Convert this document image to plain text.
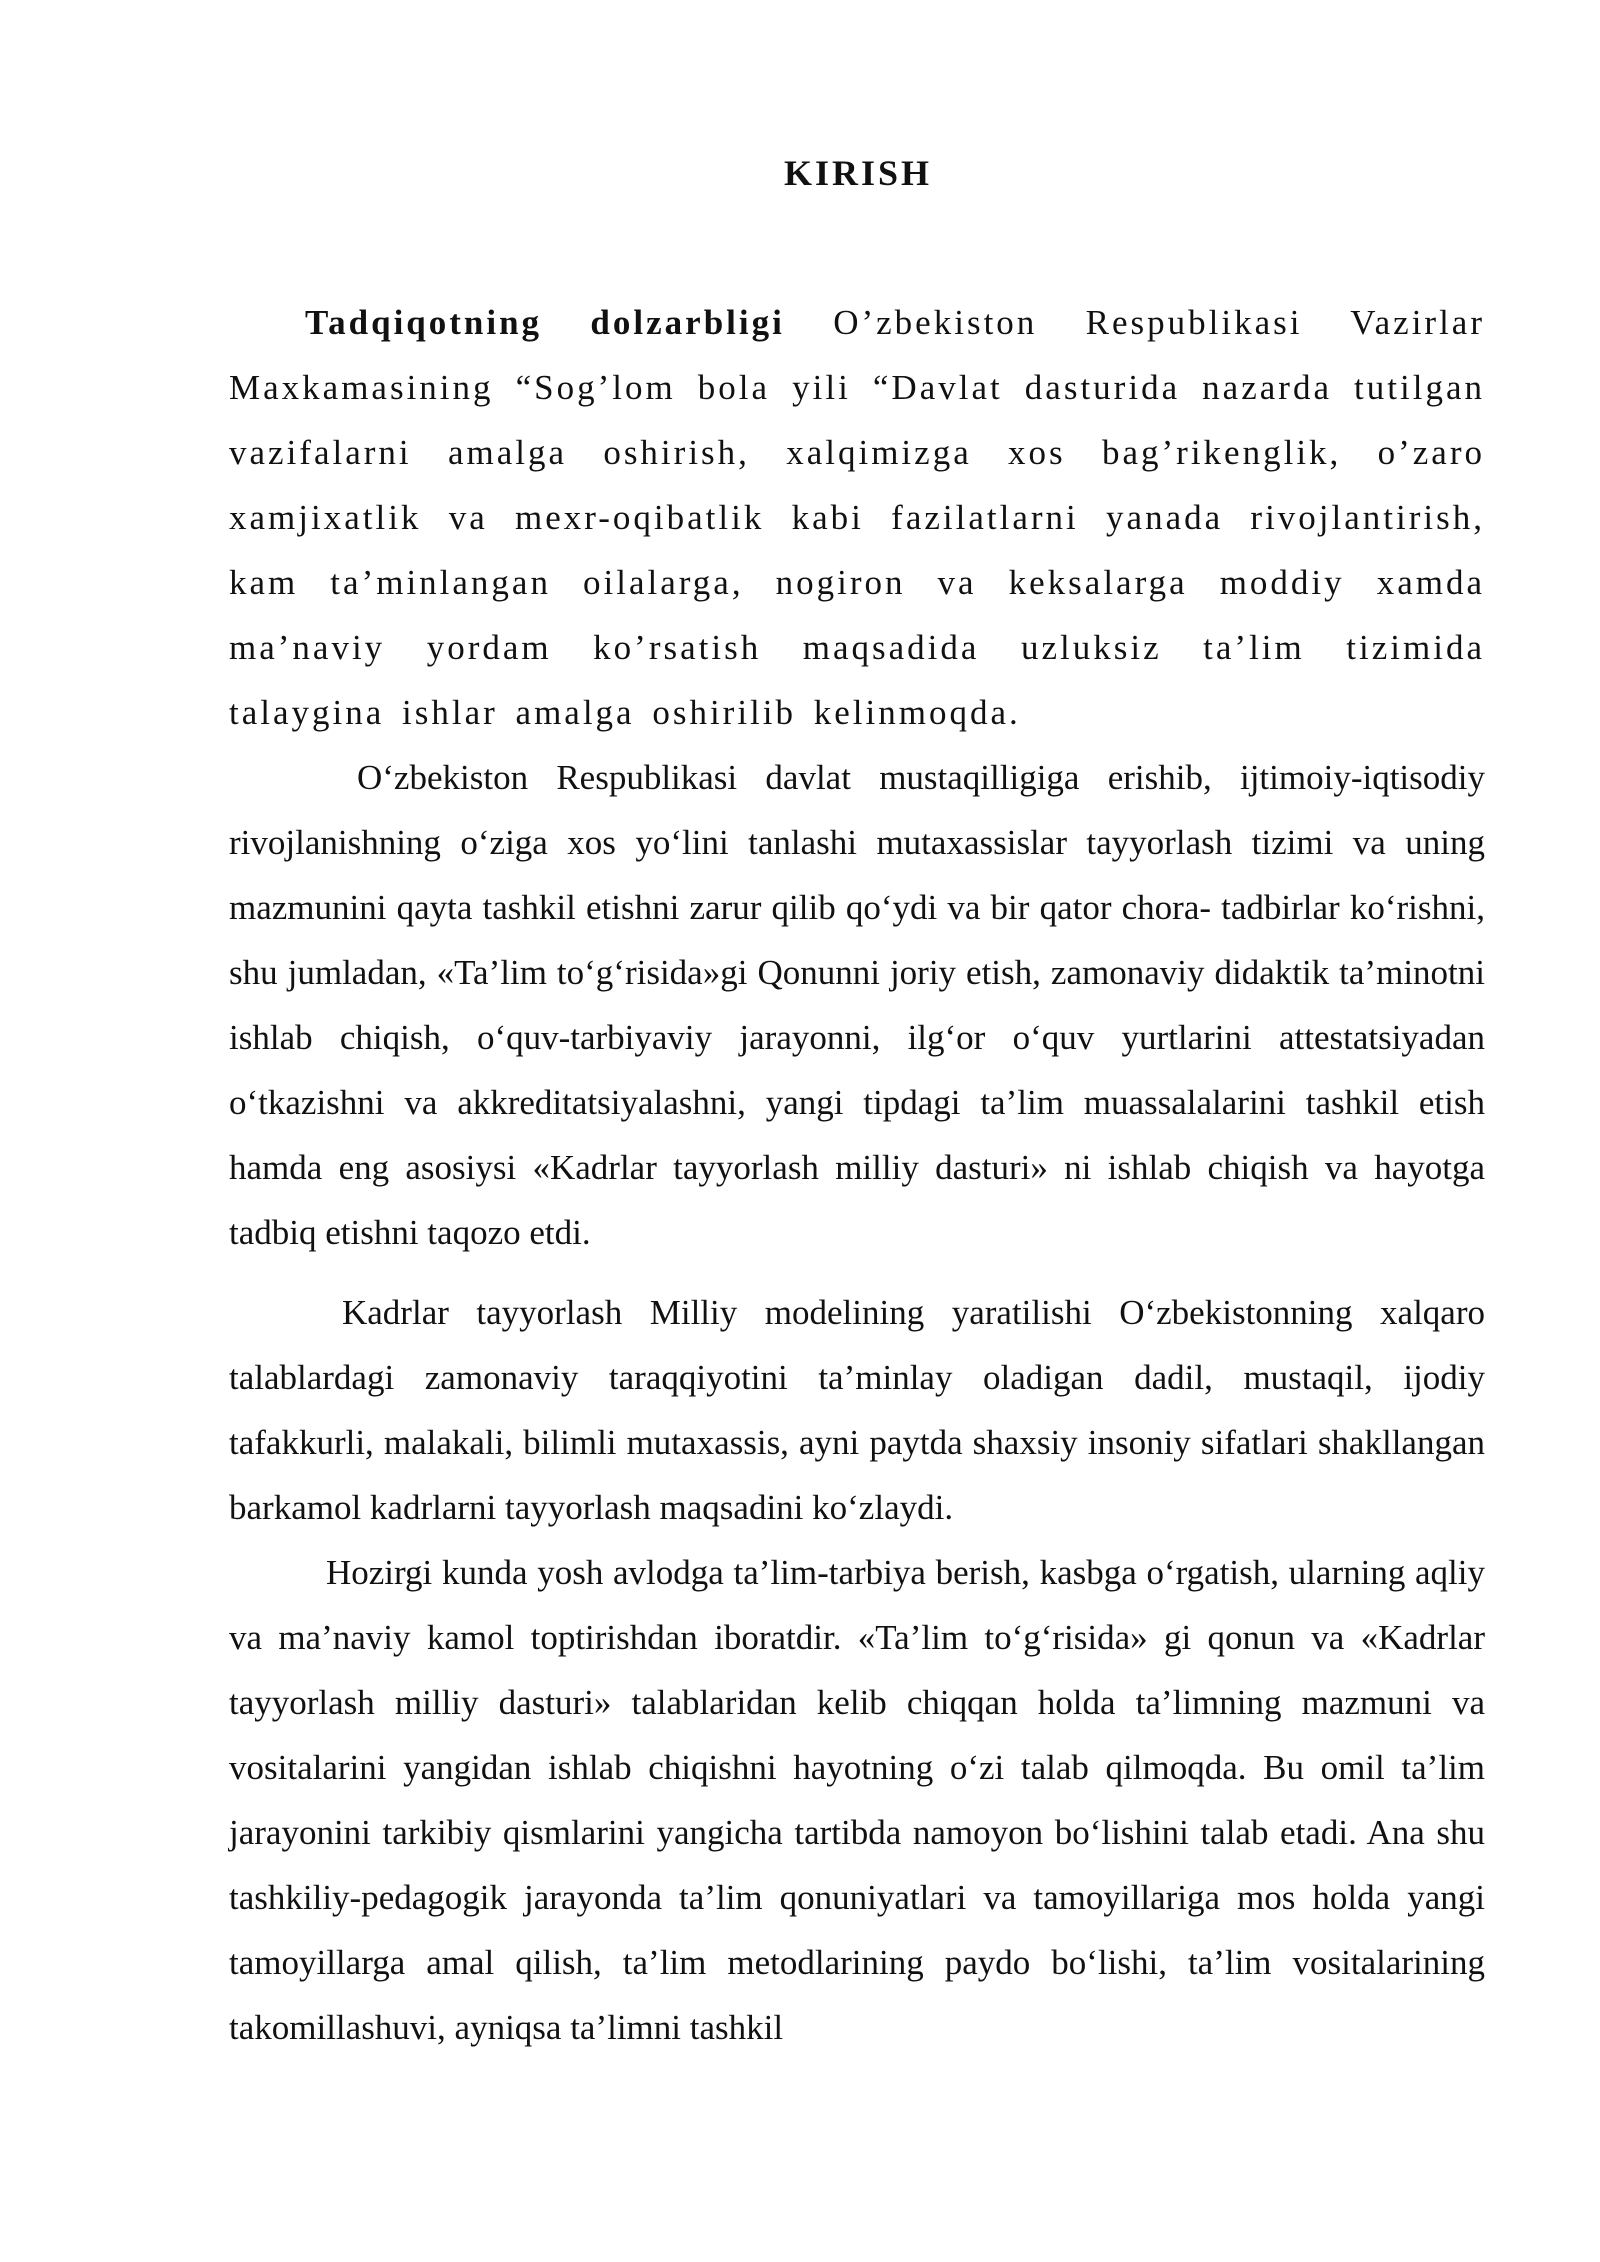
KIRISH

Tadqiqotning dolzarbligi O’zbekiston Respublikasi Vazirlar Maxkamasining “Sog’lom bola yili “Davlat dasturida nazarda tutilgan vazifalarni amalga oshirish, xalqimizga xos bag’rikenglik, o’zaro xamjixatlik va mexr-oqibatlik kabi fazilatlarni yanada rivojlantirish, kam ta’minlangan oilalarga, nogiron va keksalarga moddiy xamda ma’naviy yordam ko’rsatish maqsadida uzluksiz ta’lim tizimida talaygina ishlar amalga oshirilib kelinmoqda.

O‘zbekiston Respublikasi davlat mustaqilligiga erishib, ijtimoiy-iqtisodiy rivojlanishning o‘ziga xos yo‘lini tanlashi mutaxassislar tayyorlash tizimi va uning mazmunini qayta tashkil etishni zarur qilib qo‘ydi va bir qator chora- tadbirlar ko‘rishni, shu jumladan, «Ta’lim to‘g‘risida»gi Qonunni joriy etish, zamonaviy didaktik ta’minotni ishlab chiqish, o‘quv-tarbiyaviy jarayonni, ilg‘or o‘quv yurtlarini attestatsiyadan o‘tkazishni va akkreditatsiyalashni, yangi tipdagi ta’lim muassalalarini tashkil etish hamda eng asosiysi «Kadrlar tayyorlash milliy dasturi» ni ishlab chiqish va hayotga tadbiq etishni taqozo etdi.

Kadrlar tayyorlash Milliy modelining yaratilishi O‘zbekistonning xalqaro talablardagi zamonaviy taraqqiyotini ta’minlay oladigan dadil, mustaqil, ijodiy tafakkurli, malakali, bilimli mutaxassis, ayni paytda shaxsiy insoniy sifatlari shakllangan barkamol kadrlarni tayyorlash maqsadini ko‘zlaydi.

Hozirgi kunda yosh avlodga ta’lim-tarbiya berish, kasbga o‘rgatish, ularning aqliy va ma’naviy kamol toptirishdan iboratdir. «Ta’lim to‘g‘risida» gi qonun va «Kadrlar tayyorlash milliy dasturi» talablaridan kelib chiqqan holda ta’limning mazmuni va vositalarini yangidan ishlab chiqishni hayotning o‘zi talab qilmoqda. Bu omil ta’lim jarayonini tarkibiy qismlarini yangicha tartibda namoyon bo‘lishini talab etadi. Ana shu tashkiliy-pedagogik jarayonda ta’lim qonuniyatlari va tamoyillariga mos holda yangi tamoyillarga amal qilish, ta’lim metodlarining paydo bo‘lishi, ta’lim vositalarining takomillashuvi, ayniqsa ta’limni tashkil
